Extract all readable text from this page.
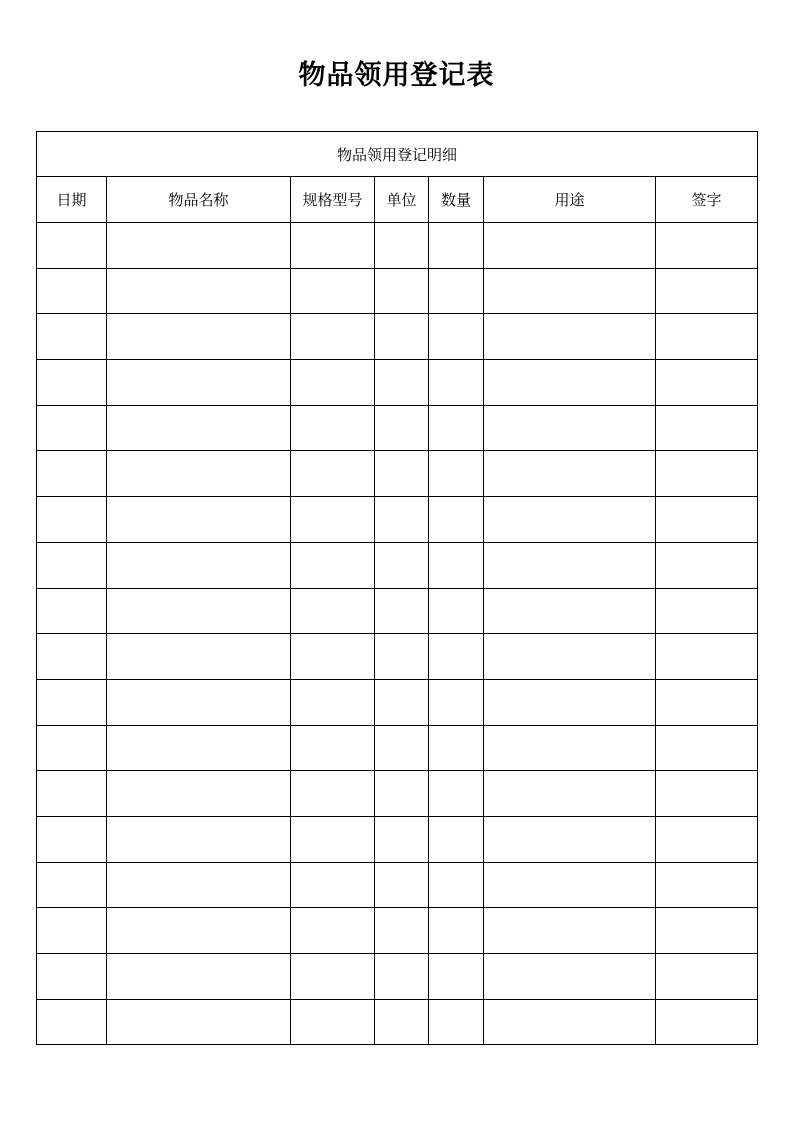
物品领用登记表
物品领用登记明细						
日期	物品名称	规格型号	单位	数量	用途	签字
